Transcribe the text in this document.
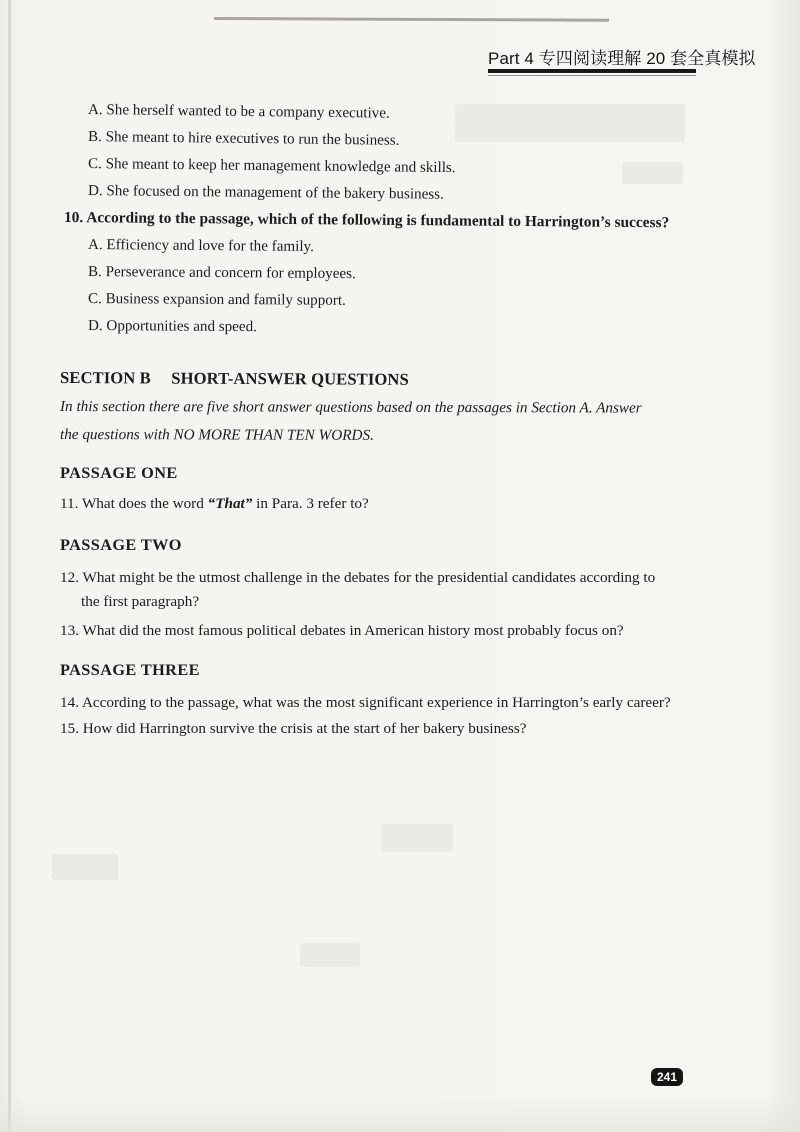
Part 4 专四阅读理解 20 套全真模拟
A. She herself wanted to be a company executive.
B. She meant to hire executives to run the business.
C. She meant to keep her management knowledge and skills.
D. She focused on the management of the bakery business.
10. According to the passage, which of the following is fundamental to Harrington’s success?
A. Efficiency and love for the family.
B. Perseverance and concern for employees.
C. Business expansion and family support.
D. Opportunities and speed.
SECTION B SHORT-ANSWER QUESTIONS
In this section there are five short answer questions based on the passages in Section A. Answer
the questions with NO MORE THAN TEN WORDS.
PASSAGE ONE
11. What does the word “That” in Para. 3 refer to?
PASSAGE TWO
12. What might be the utmost challenge in the debates for the presidential candidates according to
the first paragraph?
13. What did the most famous political debates in American history most probably focus on?
PASSAGE THREE
14. According to the passage, what was the most significant experience in Harrington’s early career?
15. How did Harrington survive the crisis at the start of her bakery business?
241
